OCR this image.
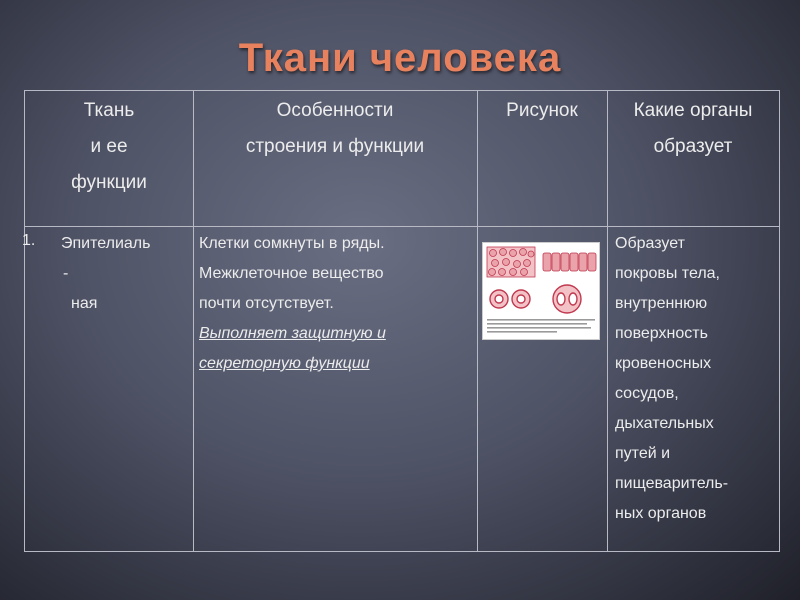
Ткани человека
Ткань
и ее
функции
Особенности
строения и функции
Рисунок	Какие органы
образует
Эпителиаль
-
ная
Клетки сомкнуты в ряды.
Межклеточное вещество
почти отсутствует.
Выполняет защитную и
секреторную функции
Образует
покровы тела,
внутреннюю
поверхность
кровеносных
сосудов,
дыхательных
путей и
пищеваритель-
ных органов
1.
